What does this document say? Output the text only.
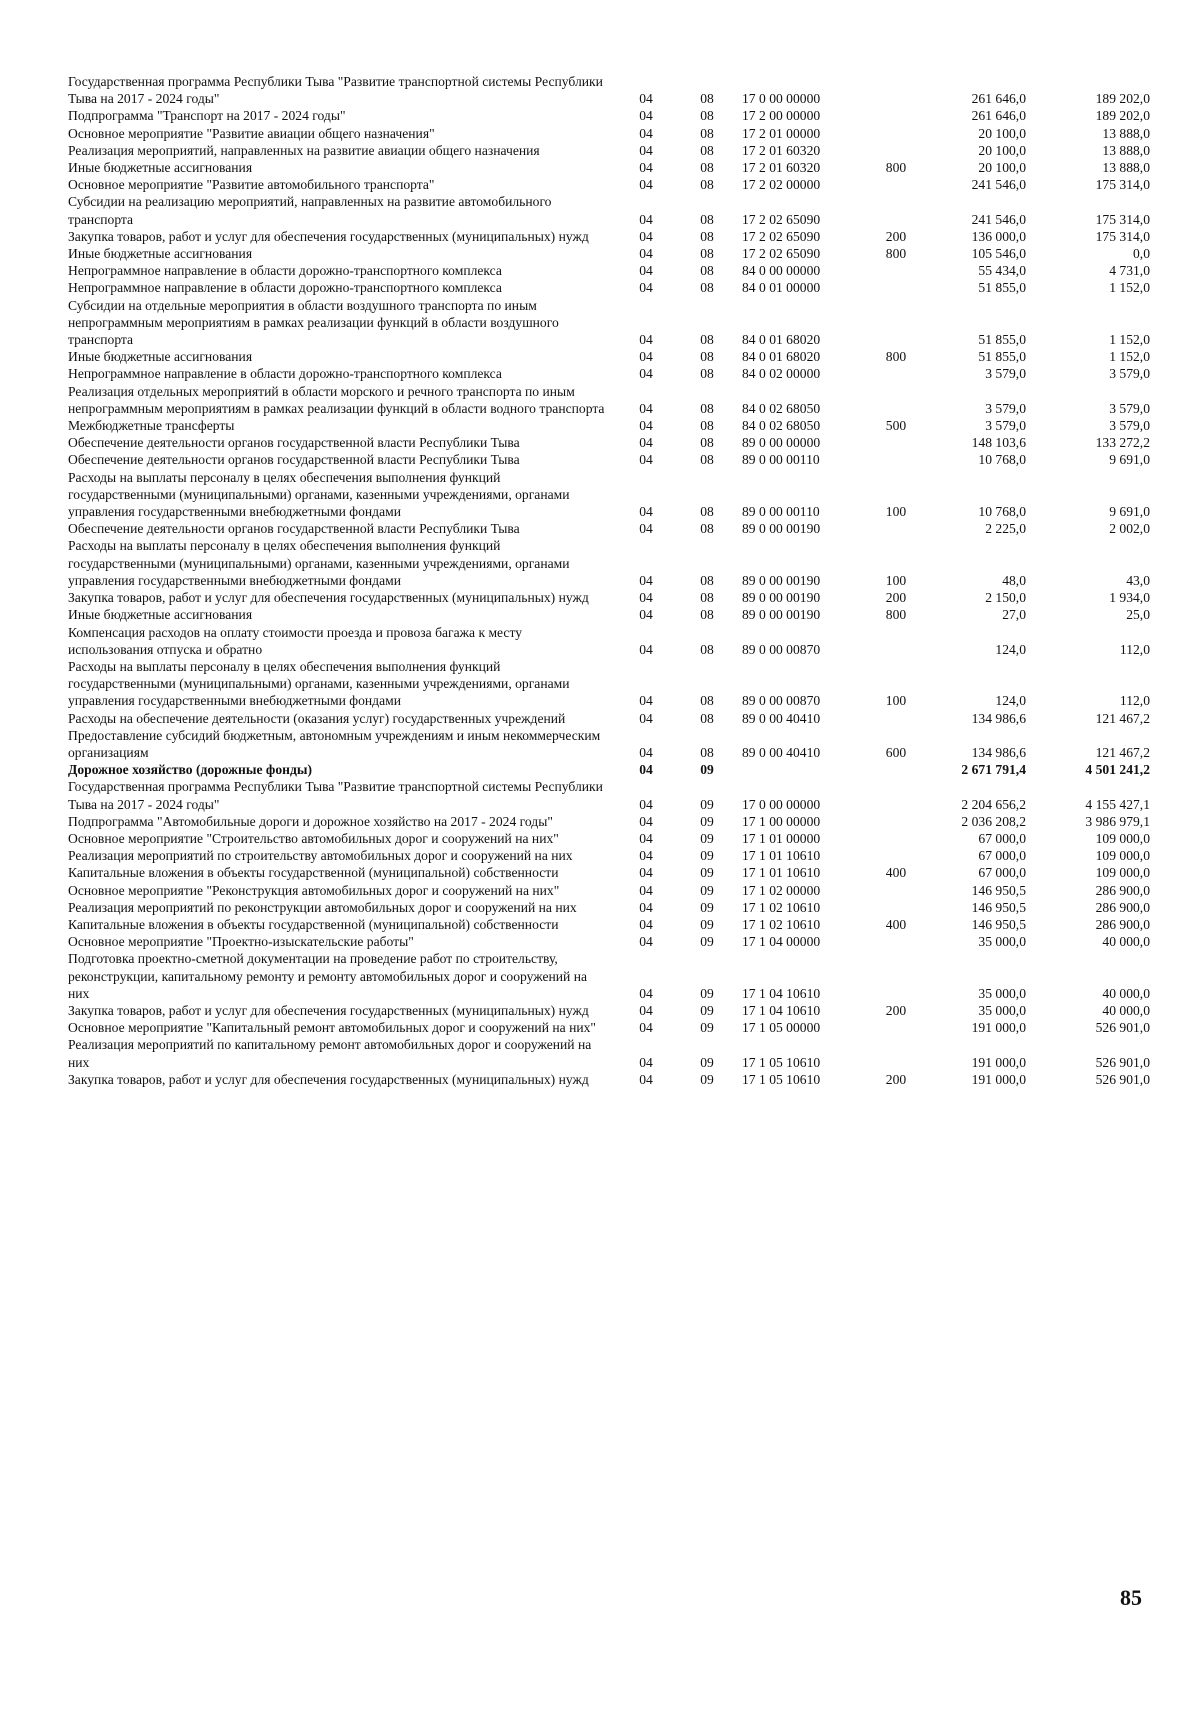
Государственная программа Республики Тыва "Развитие транспортной системы Республики Тыва на 2017 - 2024 годы"	04	08	17 0 00 00000		261 646,0	189 202,0
Подпрограмма "Транспорт на 2017 - 2024 годы"	04	08	17 2 00 00000		261 646,0	189 202,0
Основное мероприятие "Развитие авиации общего назначения"	04	08	17 2 01 00000		20 100,0	13 888,0
Реализация мероприятий, направленных на развитие авиации общего назначения	04	08	17 2 01 60320		20 100,0	13 888,0
Иные бюджетные ассигнования	04	08	17 2 01 60320	800	20 100,0	13 888,0
Основное мероприятие "Развитие автомобильного транспорта"	04	08	17 2 02 00000		241 546,0	175 314,0
Субсидии на реализацию мероприятий, направленных на развитие автомобильного транспорта	04	08	17 2 02 65090		241 546,0	175 314,0
Закупка товаров, работ и услуг для обеспечения государственных (муниципальных) нужд	04	08	17 2 02 65090	200	136 000,0	175 314,0
Иные бюджетные ассигнования	04	08	17 2 02 65090	800	105 546,0	0,0
Непрограммное направление в области дорожно-транспортного комплекса	04	08	84 0 00 00000		55 434,0	4 731,0
Непрограммное направление в области дорожно-транспортного комплекса	04	08	84 0 01 00000		51 855,0	1 152,0
Субсидии на отдельные мероприятия в области воздушного транспорта по иным непрограммным мероприятиям в рамках реализации функций в области воздушного транспорта	04	08	84 0 01 68020		51 855,0	1 152,0
Иные бюджетные ассигнования	04	08	84 0 01 68020	800	51 855,0	1 152,0
Непрограммное направление в области дорожно-транспортного комплекса	04	08	84 0 02 00000		3 579,0	3 579,0
Реализация отдельных мероприятий в области морского и речного транспорта по иным непрограммным мероприятиям в рамках реализации функций в области водного транспорта	04	08	84 0 02 68050		3 579,0	3 579,0
Межбюджетные трансферты	04	08	84 0 02 68050	500	3 579,0	3 579,0
Обеспечение деятельности органов государственной власти Республики Тыва	04	08	89 0 00 00000		148 103,6	133 272,2
Обеспечение деятельности органов государственной власти Республики Тыва	04	08	89 0 00 00110		10 768,0	9 691,0
Расходы на выплаты персоналу в целях обеспечения выполнения функций государственными (муниципальными) органами, казенными учреждениями, органами управления государственными внебюджетными фондами	04	08	89 0 00 00110	100	10 768,0	9 691,0
Обеспечение деятельности органов государственной власти Республики Тыва	04	08	89 0 00 00190		2 225,0	2 002,0
Расходы на выплаты персоналу в целях обеспечения выполнения функций государственными (муниципальными) органами, казенными учреждениями, органами управления государственными внебюджетными фондами	04	08	89 0 00 00190	100	48,0	43,0
Закупка товаров, работ и услуг для обеспечения государственных (муниципальных) нужд	04	08	89 0 00 00190	200	2 150,0	1 934,0
Иные бюджетные ассигнования	04	08	89 0 00 00190	800	27,0	25,0
Компенсация расходов на оплату стоимости проезда и провоза багажа к месту использования отпуска и обратно	04	08	89 0 00 00870		124,0	112,0
Расходы на выплаты персоналу в целях обеспечения выполнения функций государственными (муниципальными) органами, казенными учреждениями, органами управления государственными внебюджетными фондами	04	08	89 0 00 00870	100	124,0	112,0
Расходы на обеспечение деятельности (оказания услуг) государственных учреждений	04	08	89 0 00 40410		134 986,6	121 467,2
Предоставление субсидий бюджетным, автономным учреждениям и иным некоммерческим организациям	04	08	89 0 00 40410	600	134 986,6	121 467,2
Дорожное хозяйство (дорожные фонды)	04	09			2 671 791,4	4 501 241,2
Государственная программа Республики Тыва "Развитие транспортной системы Республики Тыва на 2017 - 2024 годы"	04	09	17 0 00 00000		2 204 656,2	4 155 427,1
Подпрограмма "Автомобильные дороги и дорожное хозяйство на 2017 - 2024 годы"	04	09	17 1 00 00000		2 036 208,2	3 986 979,1
Основное мероприятие "Строительство автомобильных дорог и сооружений на них"	04	09	17 1 01 00000		67 000,0	109 000,0
Реализация мероприятий по строительству автомобильных дорог и сооружений на них	04	09	17 1 01 10610		67 000,0	109 000,0
Капитальные вложения в объекты государственной (муниципальной) собственности	04	09	17 1 01 10610	400	67 000,0	109 000,0
Основное мероприятие "Реконструкция автомобильных дорог и сооружений на них"	04	09	17 1 02 00000		146 950,5	286 900,0
Реализация мероприятий по реконструкции автомобильных дорог и сооружений на них	04	09	17 1 02 10610		146 950,5	286 900,0
Капитальные вложения в объекты государственной (муниципальной) собственности	04	09	17 1 02 10610	400	146 950,5	286 900,0
Основное мероприятие "Проектно-изыскательские работы"	04	09	17 1 04 00000		35 000,0	40 000,0
Подготовка проектно-сметной документации на проведение работ по строительству, реконструкции, капитальному ремонту и ремонту автомобильных дорог и сооружений на них	04	09	17 1 04 10610		35 000,0	40 000,0
Закупка товаров, работ и услуг для обеспечения государственных (муниципальных) нужд	04	09	17 1 04 10610	200	35 000,0	40 000,0
Основное мероприятие "Капитальный ремонт автомобильных дорог и сооружений на них"	04	09	17 1 05 00000		191 000,0	526 901,0
Реализация мероприятий по капитальному ремонт автомобильных дорог и сооружений на них	04	09	17 1 05 10610		191 000,0	526 901,0
Закупка товаров, работ и услуг для обеспечения государственных (муниципальных) нужд	04	09	17 1 05 10610	200	191 000,0	526 901,0
85
